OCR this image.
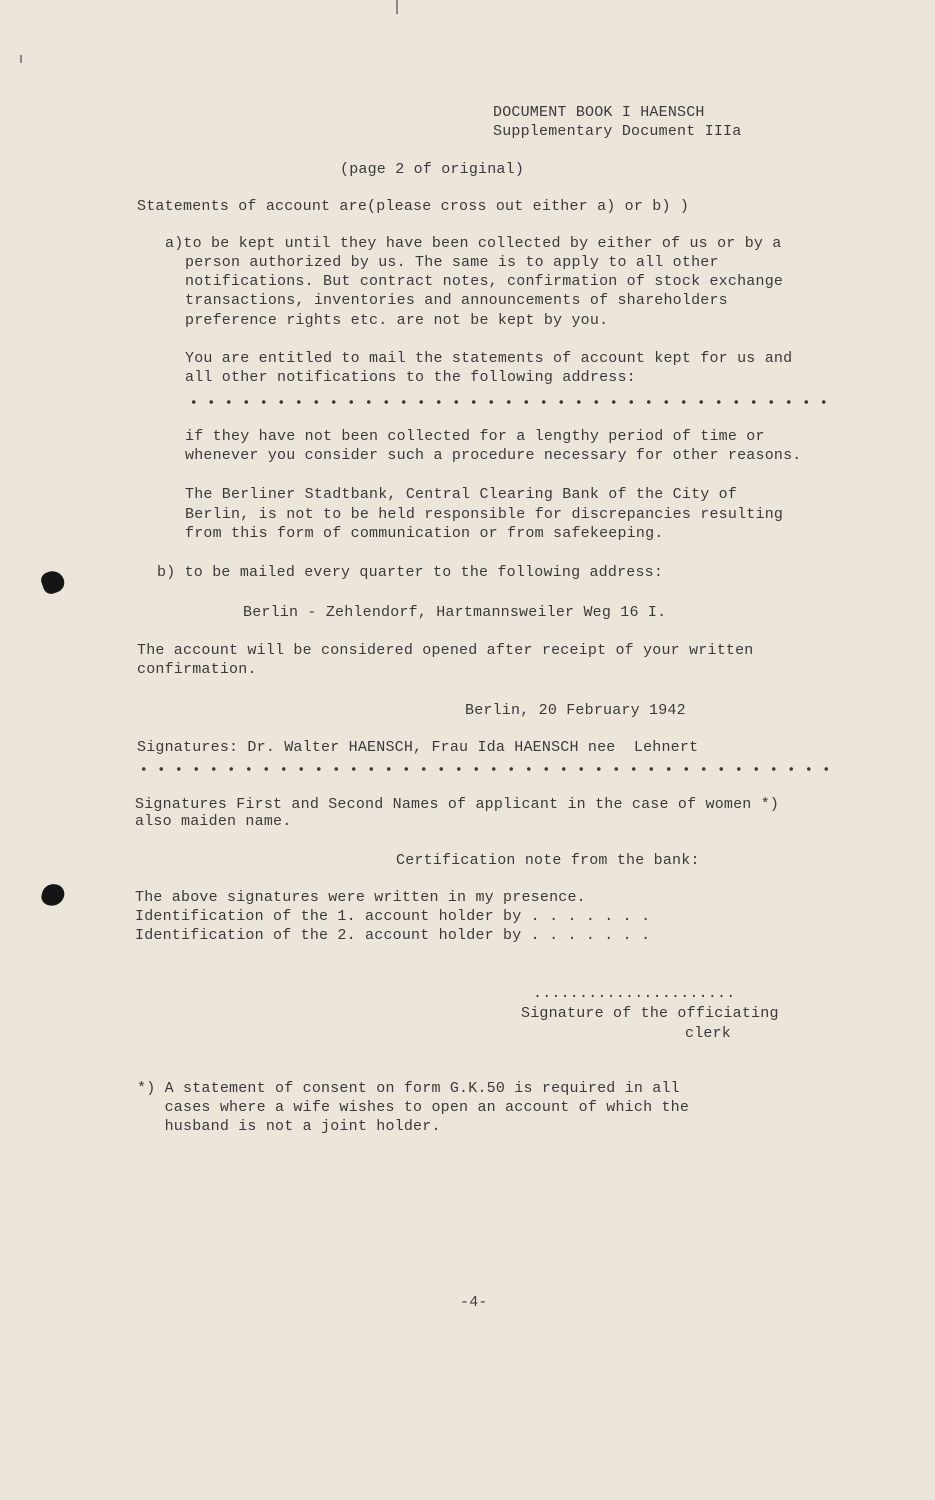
DOCUMENT BOOK I HAENSCH

Supplementary Document IIIa

(page 2 of original)

Statements of account are(please cross out either a) or b) )

a)to be kept until they have been collected by either of us or by a

person authorized by us. The same is to apply to all other

notifications. But contract notes, confirmation of stock exchange

transactions, inventories and announcements of shareholders

preference rights etc. are not be kept by you.

You are entitled to mail the statements of account kept for us and

all other notifications to the following address:

if they have not been collected for a lengthy period of time or

whenever you consider such a procedure necessary for other reasons.

The Berliner Stadtbank, Central Clearing Bank of the City of

Berlin, is not to be held responsible for discrepancies resulting

from this form of communication or from safekeeping.

b) to be mailed every quarter to the following address:

Berlin - Zehlendorf, Hartmannsweiler Weg 16 I.

The account will be considered opened after receipt of your written

confirmation.

Berlin, 20 February 1942

Signatures: Dr. Walter HAENSCH, Frau Ida HAENSCH nee  Lehnert

Signatures First and Second Names of applicant in the case of women *)

also maiden name.

Certification note from the bank:

The above signatures were written in my presence.

Identification of the 1. account holder by . . . . . . .

Identification of the 2. account holder by . . . . . . .

......................

Signature of the officiating

clerk

*) A statement of consent on form G.K.50 is required in all

cases where a wife wishes to open an account of which the

husband is not a joint holder.

-4-
